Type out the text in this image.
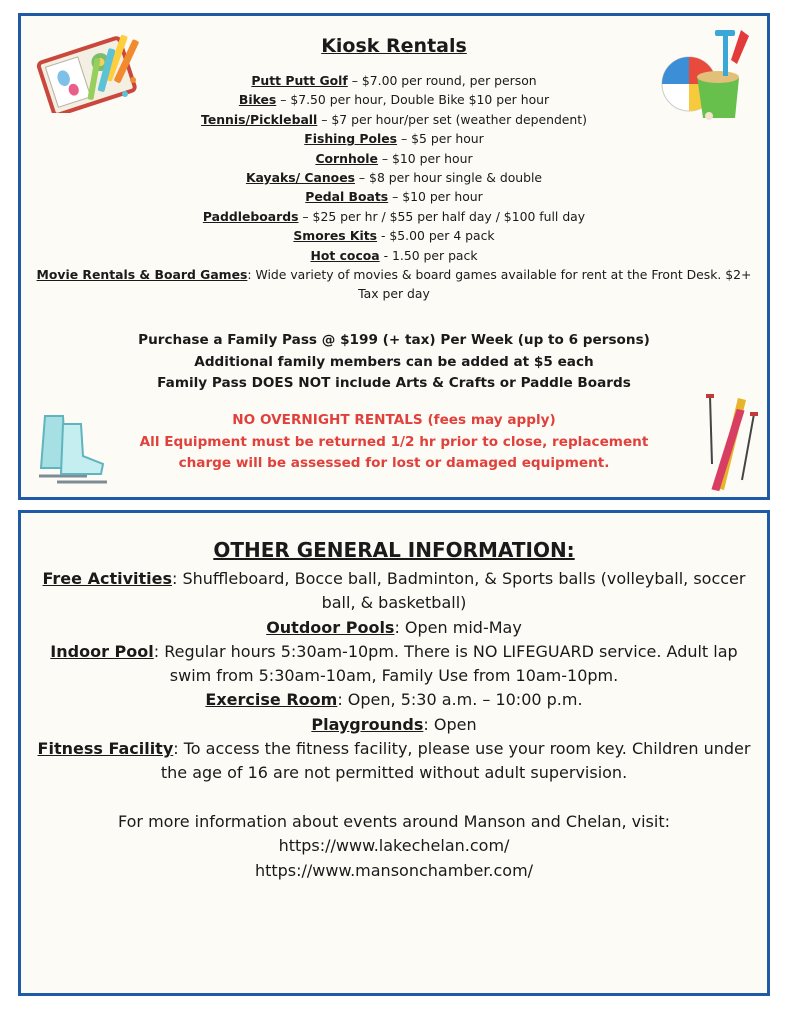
Kiosk Rentals
Putt Putt Golf – $7.00 per round, per person
Bikes – $7.50 per hour, Double Bike $10 per hour
Tennis/Pickleball – $7 per hour/per set (weather dependent)
Fishing Poles – $5 per hour
Cornhole – $10 per hour
Kayaks/ Canoes – $8 per hour single & double
Pedal Boats – $10 per hour
Paddleboards – $25 per hr / $55 per half day / $100 full day
Smores Kits - $5.00 per 4 pack
Hot cocoa - 1.50 per pack
Movie Rentals & Board Games: Wide variety of movies & board games available for rent at the Front Desk. $2+ Tax per day
Purchase a Family Pass @ $199 (+ tax) Per Week (up to 6 persons)
Additional family members can be added at $5 each
Family Pass DOES NOT include Arts & Crafts or Paddle Boards
NO OVERNIGHT RENTALS (fees may apply)
All Equipment must be returned 1/2 hr prior to close, replacement
charge will be assessed for lost or damaged equipment.
OTHER GENERAL INFORMATION:

Free Activities: Shuffleboard, Bocce ball, Badminton, & Sports balls (volleyball, soccer ball, & basketball)

Outdoor Pools: Open mid-May

Indoor Pool: Regular hours 5:30am-10pm. There is NO LIFEGUARD service. Adult lap swim from 5:30am-10am, Family Use from 10am-10pm.

Exercise Room: Open, 5:30 a.m. – 10:00 p.m.

Playgrounds: Open

Fitness Facility: To access the fitness facility, please use your room key. Children under the age of 16 are not permitted without adult supervision.

For more information about events around Manson and Chelan, visit:

https://www.lakechelan.com/

https://www.mansonchamber.com/
